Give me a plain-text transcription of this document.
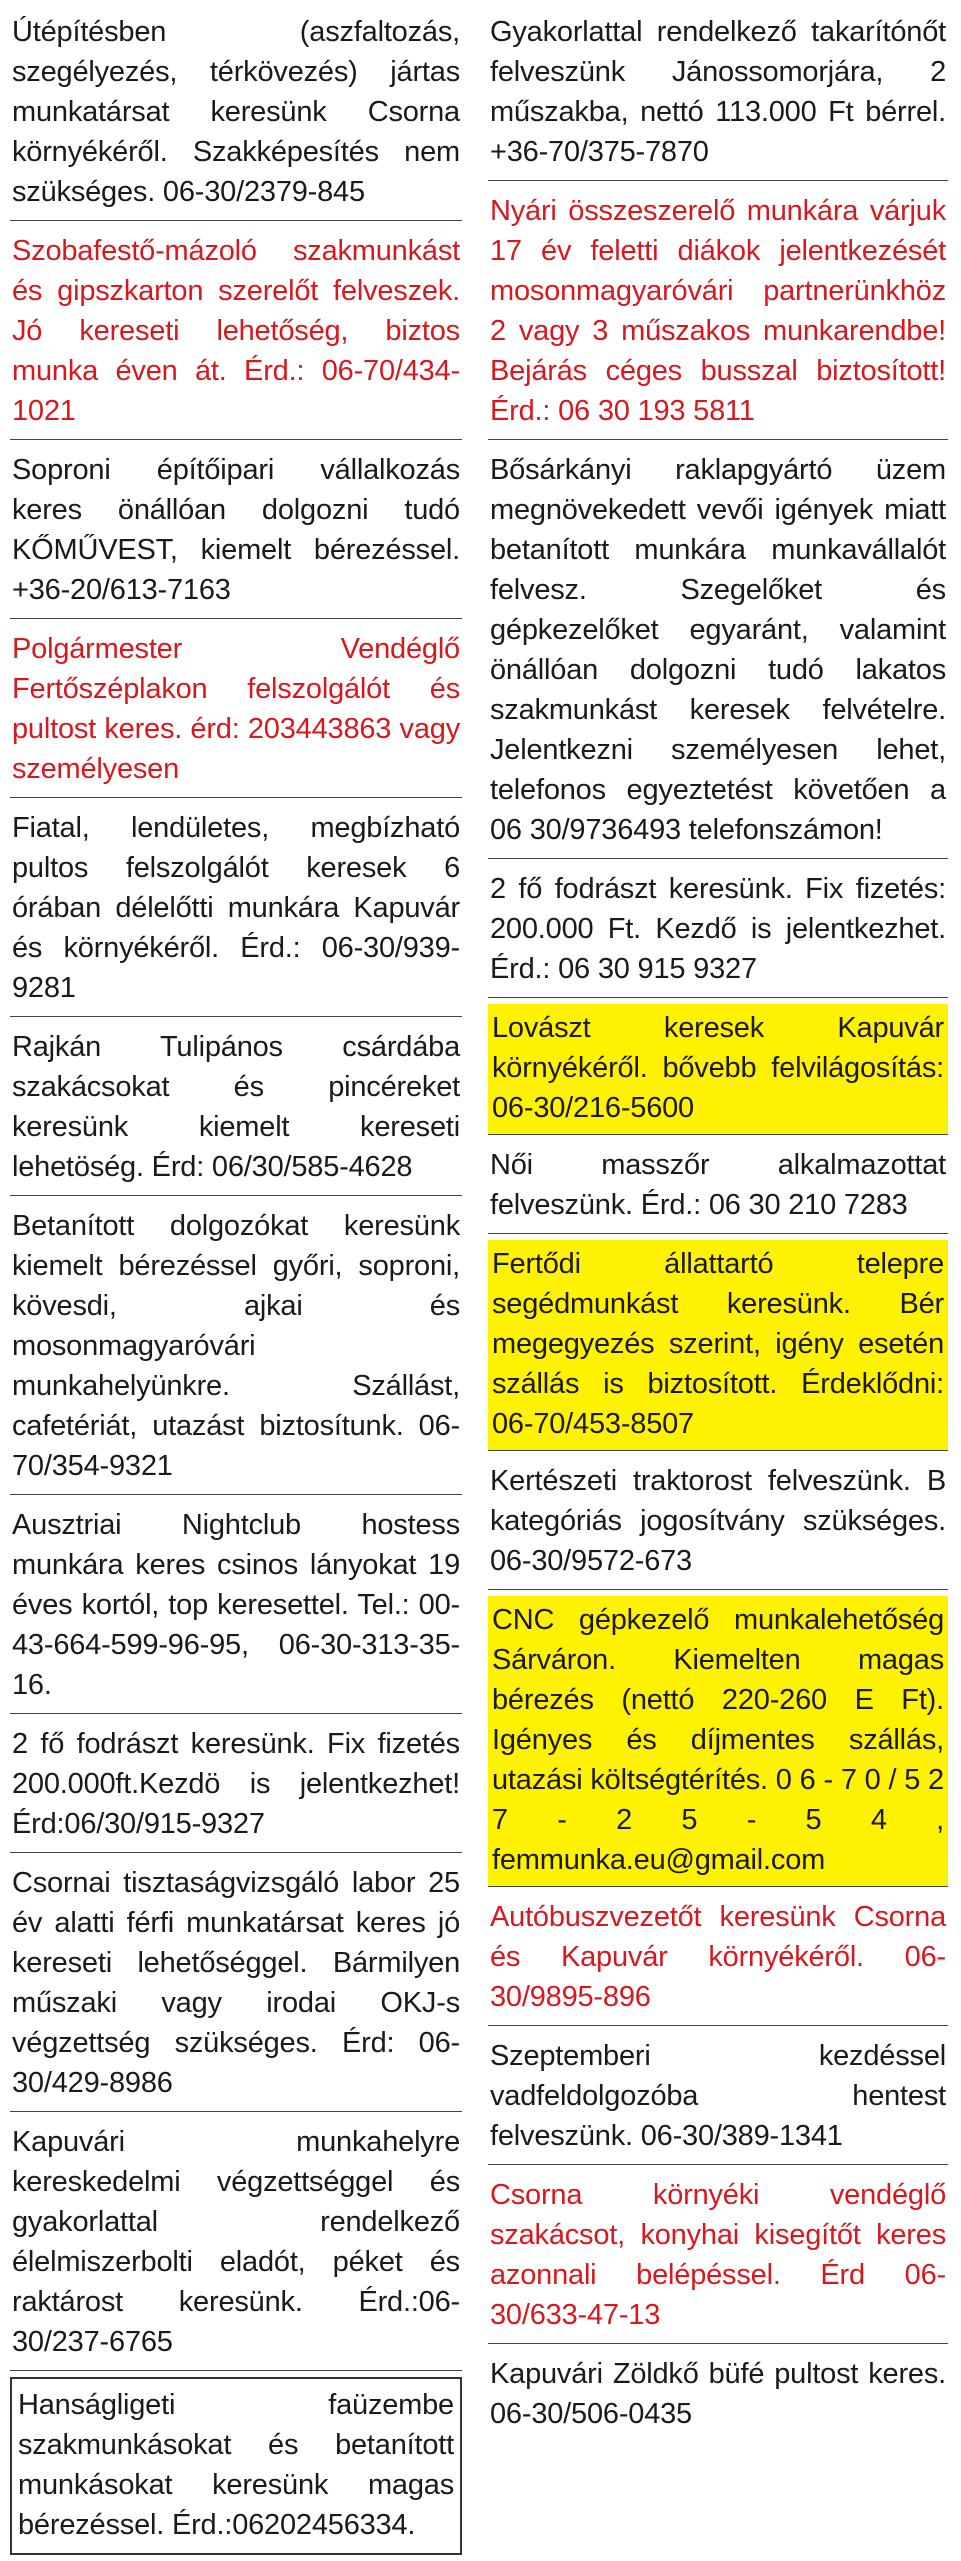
Útépítésben (aszfaltozás, szegélyezés, térkövezés) jártas munkatársat keresünk Csorna környékéről. Szakképesítés nem szükséges. 06-30/2379-845
Szobafestő-mázoló szakmunkást és gipszkarton szerelőt felveszek. Jó kereseti lehetőség, biztos munka éven át. Érd.: 06-70/434-1021
Soproni építőipari vállalkozás keres önállóan dolgozni tudó KŐMŰVEST, kiemelt bérezéssel. +36-20/613-7163
Polgármester Vendéglő Fertőszéplakon felszolgálót és pultost keres. érd: 203443863 vagy személyesen
Fiatal, lendületes, megbízható pultos felszolgálót keresek 6 órában délelőtti munkára Kapuvár és környékéről. Érd.: 06-30/939-9281
Rajkán Tulipános csárdába szakácsokat és pincéreket keresünk kiemelt kereseti lehetöség. Érd: 06/30/585-4628
Betanított dolgozókat keresünk kiemelt bérezéssel győri, soproni, kövesdi, ajkai és mosonmagyaróvári munkahelyünkre. Szállást, cafetériát, utazást biztosítunk. 06-70/354-9321
Ausztriai Nightclub hostess munkára keres csinos lányokat 19 éves kortól, top keresettel. Tel.: 00-43-664-599-96-95, 06-30-313-35-16.
2 fő fodrászt keresünk. Fix fizetés 200.000ft.Kezdö is jelentkezhet! Érd:06/30/915-9327
Csornai tisztaságvizsgáló labor 25 év alatti férfi munkatársat keres jó kereseti lehetőséggel. Bármilyen műszaki vagy irodai OKJ-s végzettség szükséges. Érd: 06-30/429-8986
Kapuvári munkahelyre kereskedelmi végzettséggel és gyakorlattal rendelkező élelmiszerbolti eladót, péket és raktárost keresünk. Érd.:06-30/237-6765
Hanságligeti faüzembe szakmunkásokat és betanított munkásokat keresünk magas bérezéssel. Érd.:06202456334.
Gyakorlattal rendelkező takarítónőt felveszünk Jánossomorjára, 2 műszakba, nettó 113.000 Ft bérrel. +36-70/375-7870
Nyári összeszerelő munkára várjuk 17 év feletti diákok jelentkezését mosonmagyaróvári partnerünkhöz 2 vagy 3 műszakos munkarendbe! Bejárás céges busszal biztosított! Érd.: 06 30 193 5811
Bősárkányi raklapgyártó üzem megnövekedett vevői igények miatt betanított munkára munkavállalót felvesz. Szegelőket és gépkezelőket egyaránt, valamint önállóan dolgozni tudó lakatos szakmunkást keresek felvételre. Jelentkezni személyesen lehet, telefonos egyeztetést követően a 06 30/9736493 telefonszámon!
2 fő fodrászt keresünk. Fix fizetés: 200.000 Ft. Kezdő is jelentkezhet. Érd.: 06 30 915 9327
Lovászt keresek Kapuvár környékéről. bővebb felvilágosítás: 06-30/216-5600
Női masszőr alkalmazottat felveszünk. Érd.: 06 30 210 7283
Fertődi állattartó telepre segédmunkást keresünk. Bér megegyezés szerint, igény esetén szállás is biztosított. Érdeklődni: 06-70/453-8507
Kertészeti traktorost felveszünk. B kategóriás jogosítvány szükséges. 06-30/9572-673
CNC gépkezelő munkalehetőség Sárváron. Kiemelten magas bérezés (nettó 220-260 E Ft). Igényes és díjmentes szállás, utazási költségtérítés. 0 6 - 7 0 / 5 2 7 - 2 5 - 5 4 , femmunka.eu@gmail.com
Autóbuszvezetőt keresünk Csorna és Kapuvár környékéről. 06-30/9895-896
Szeptemberi kezdéssel vadfeldolgozóba hentest felveszünk. 06-30/389-1341
Csorna környéki vendéglő szakácsot, konyhai kisegítőt keres azonnali belépéssel. Érd 06-30/633-47-13
Kapuvári Zöldkő büfé pultost keres. 06-30/506-0435
